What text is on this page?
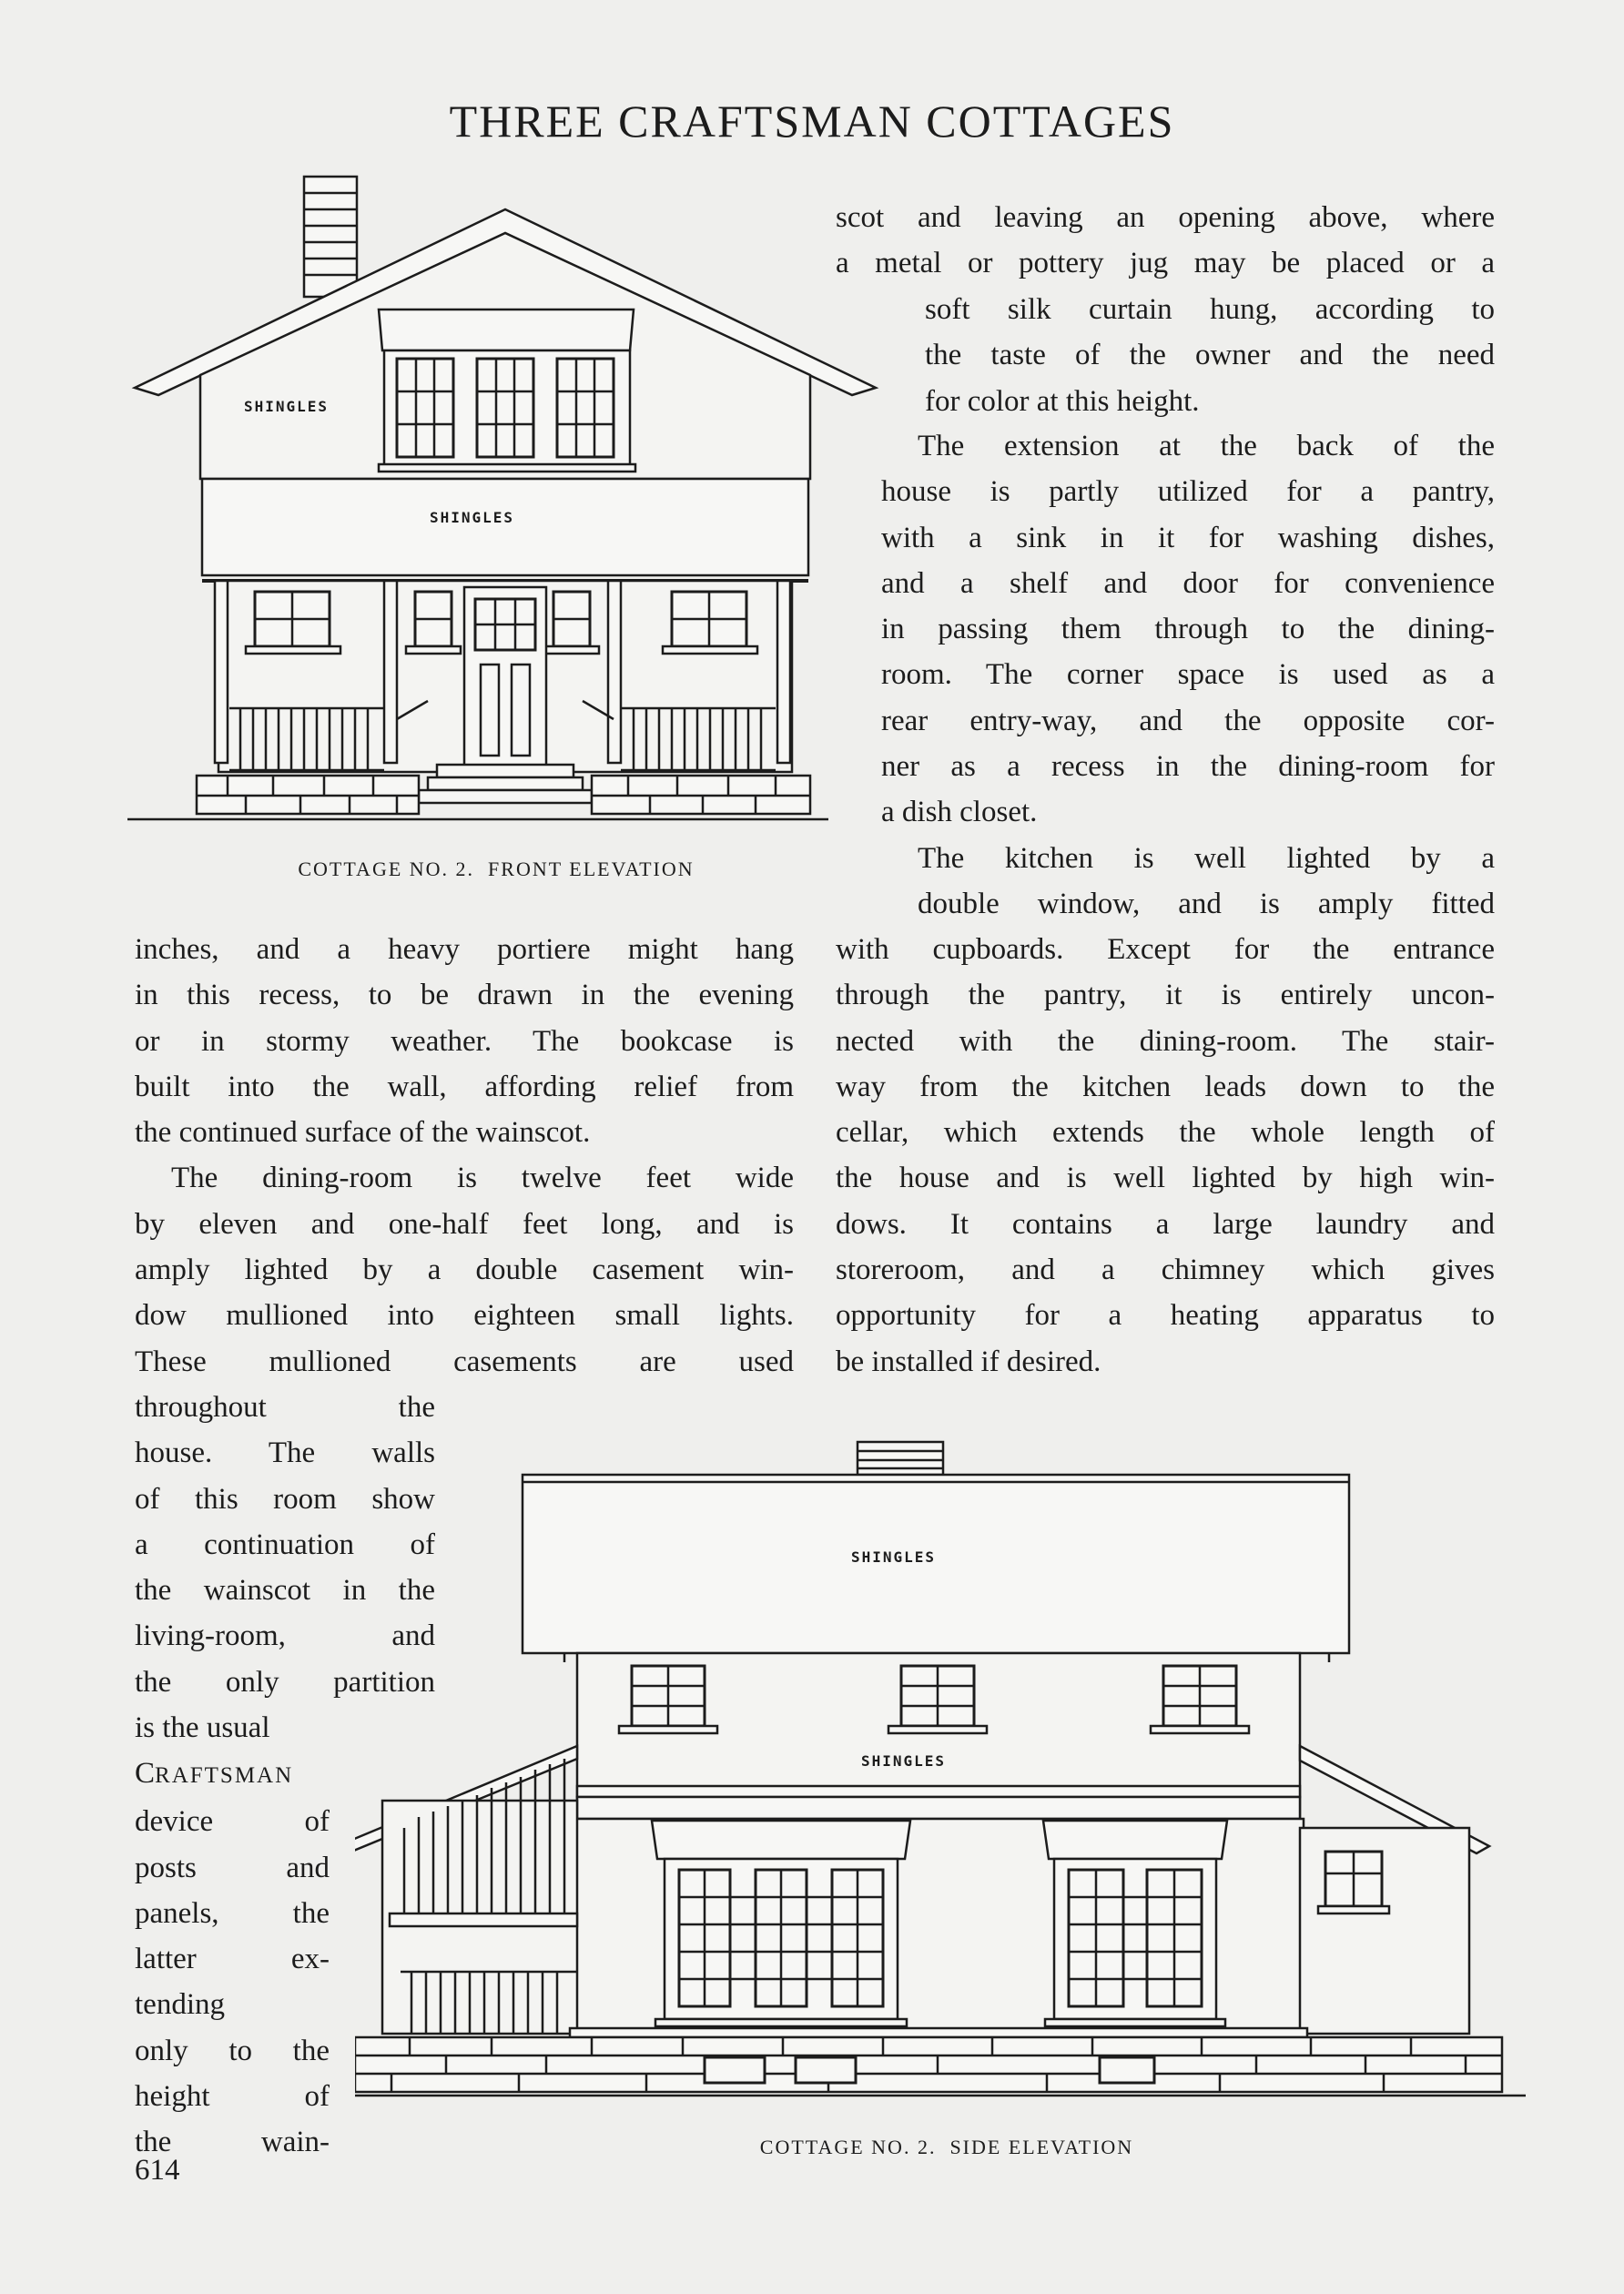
THREE CRAFTSMAN COTTAGES
SHINGLES
SHINGLES
COTTAGE NO. 2.  FRONT ELEVATION

scot and leaving an opening above, where

a metal or pottery jug may be placed or a

soft silk curtain hung, according to

the taste of the owner and the need

for color at this height.

The extension at the back of the

house is partly utilized for a pantry,

with a sink in it for washing dishes,

and a shelf and door for convenience

in passing them through to the dining-

room. The corner space is used as a

rear entry-way, and the opposite cor-

ner as a recess in the dining-room for

a dish closet.

The kitchen is well lighted by a

double window, and is amply fitted

with cupboards. Except for the entrance

through the pantry, it is entirely uncon-

nected with the dining-room. The stair-

way from the kitchen leads down to the

cellar, which extends the whole length of

the house and is well lighted by high win-

dows. It contains a large laundry and

storeroom, and a chimney which gives

opportunity for a heating apparatus to

be installed if desired.

inches, and a heavy portiere might hang

in this recess, to be drawn in the evening

or in stormy weather. The bookcase is

built into the wall, affording relief from

the continued surface of the wainscot.

The dining-room is twelve feet wide

by eleven and one-half feet long, and is

amply lighted by a double casement win-

dow mullioned into eighteen small lights.

These mullioned casements are used

throughout the

house. The walls

of this room show

a continuation of

the wainscot in the

living-room, and

the only partition

is the usual

CRAFTSMAN

device of

posts and

panels, the

latter ex-

tending

only to the

height of

the wain-

SHINGLES
SHINGLES
COTTAGE NO. 2.  SIDE ELEVATION
614
